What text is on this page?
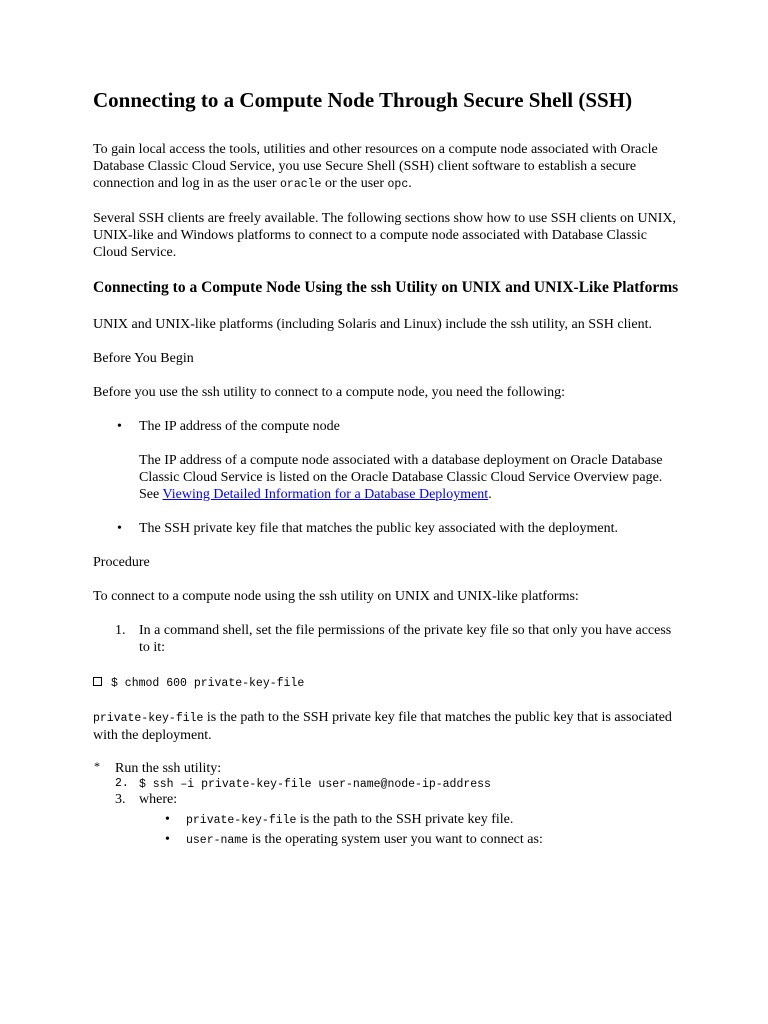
Connecting to a Compute Node Through Secure Shell (SSH)

To gain local access the tools, utilities and other resources on a compute node associated with Oracle Database Classic Cloud Service, you use Secure Shell (SSH) client software to establish a secure connection and log in as the user oracle or the user opc.

Several SSH clients are freely available. The following sections show how to use SSH clients on UNIX, UNIX-like and Windows platforms to connect to a compute node associated with Database Classic Cloud Service.

Connecting to a Compute Node Using the ssh Utility on UNIX and UNIX-Like Platforms

UNIX and UNIX-like platforms (including Solaris and Linux) include the ssh utility, an SSH client.

Before You Begin

Before you use the ssh utility to connect to a compute node, you need the following:

• The IP address of the compute node
The IP address of a compute node associated with a database deployment on Oracle Database Classic Cloud Service is listed on the Oracle Database Classic Cloud Service Overview page. See Viewing Detailed Information for a Database Deployment.
• The SSH private key file that matches the public key associated with the deployment.

Procedure

To connect to a compute node using the ssh utility on UNIX and UNIX-like platforms:

1. In a command shell, set the file permissions of the private key file so that only you have access to it:
$ chmod 600 private-key-file

private-key-file is the path to the SSH private key file that matches the public key that is associated with the deployment.

* Run the ssh utility:
2. $ ssh –i private-key-file user-name@node-ip-address
3. where:
• private-key-file is the path to the SSH private key file.
• user-name is the operating system user you want to connect as:
